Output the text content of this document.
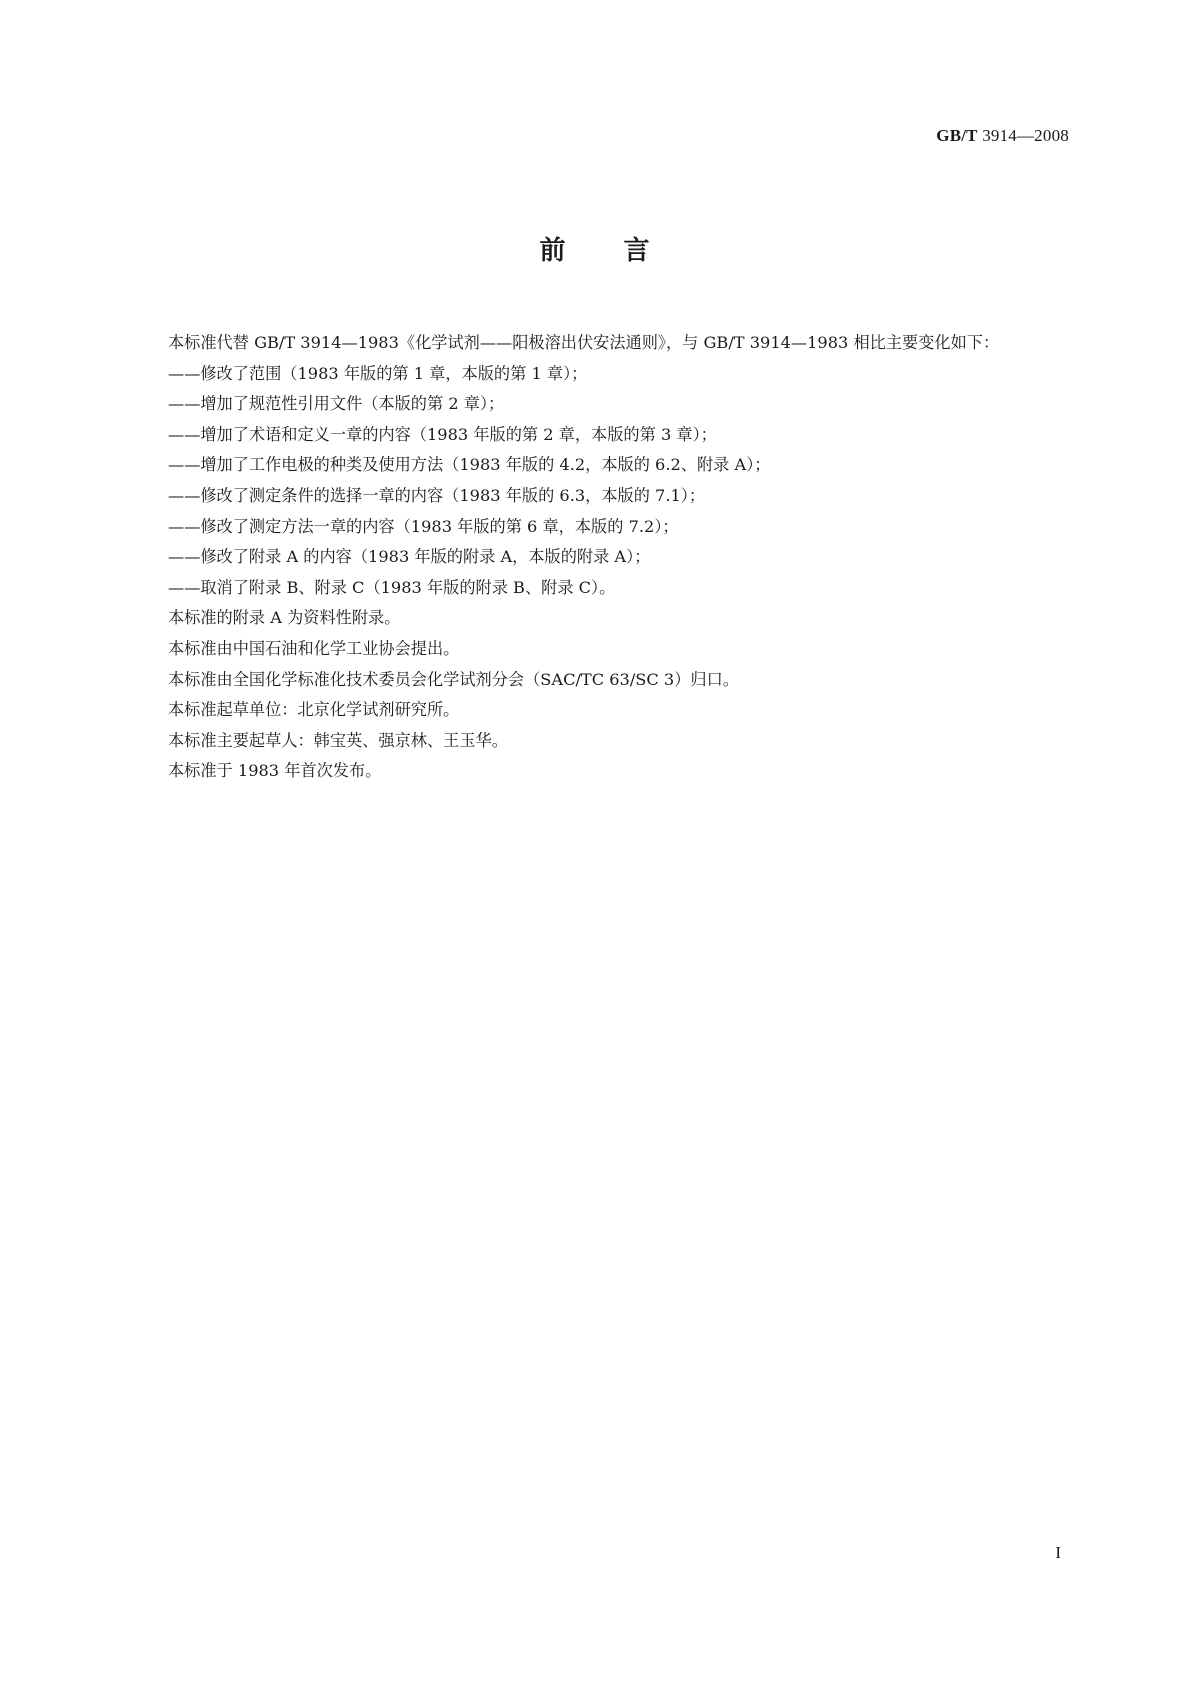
GB/T 3914—2008
前 言

本标准代替 GB/T 3914—1983《化学试剂——阳极溶出伏安法通则》，与 GB/T 3914—1983 相比主要变化如下：

——修改了范围（1983 年版的第 1 章，本版的第 1 章）；

——增加了规范性引用文件（本版的第 2 章）；

——增加了术语和定义一章的内容（1983 年版的第 2 章，本版的第 3 章）；

——增加了工作电极的种类及使用方法（1983 年版的 4.2，本版的 6.2、附录 A）；

——修改了测定条件的选择一章的内容（1983 年版的 6.3，本版的 7.1）；

——修改了测定方法一章的内容（1983 年版的第 6 章，本版的 7.2）；

——修改了附录 A 的内容（1983 年版的附录 A，本版的附录 A）；

——取消了附录 B、附录 C（1983 年版的附录 B、附录 C）。

本标准的附录 A 为资料性附录。

本标准由中国石油和化学工业协会提出。

本标准由全国化学标准化技术委员会化学试剂分会（SAC/TC 63/SC 3）归口。

本标准起草单位：北京化学试剂研究所。

本标准主要起草人：韩宝英、强京林、王玉华。

本标准于 1983 年首次发布。

I
